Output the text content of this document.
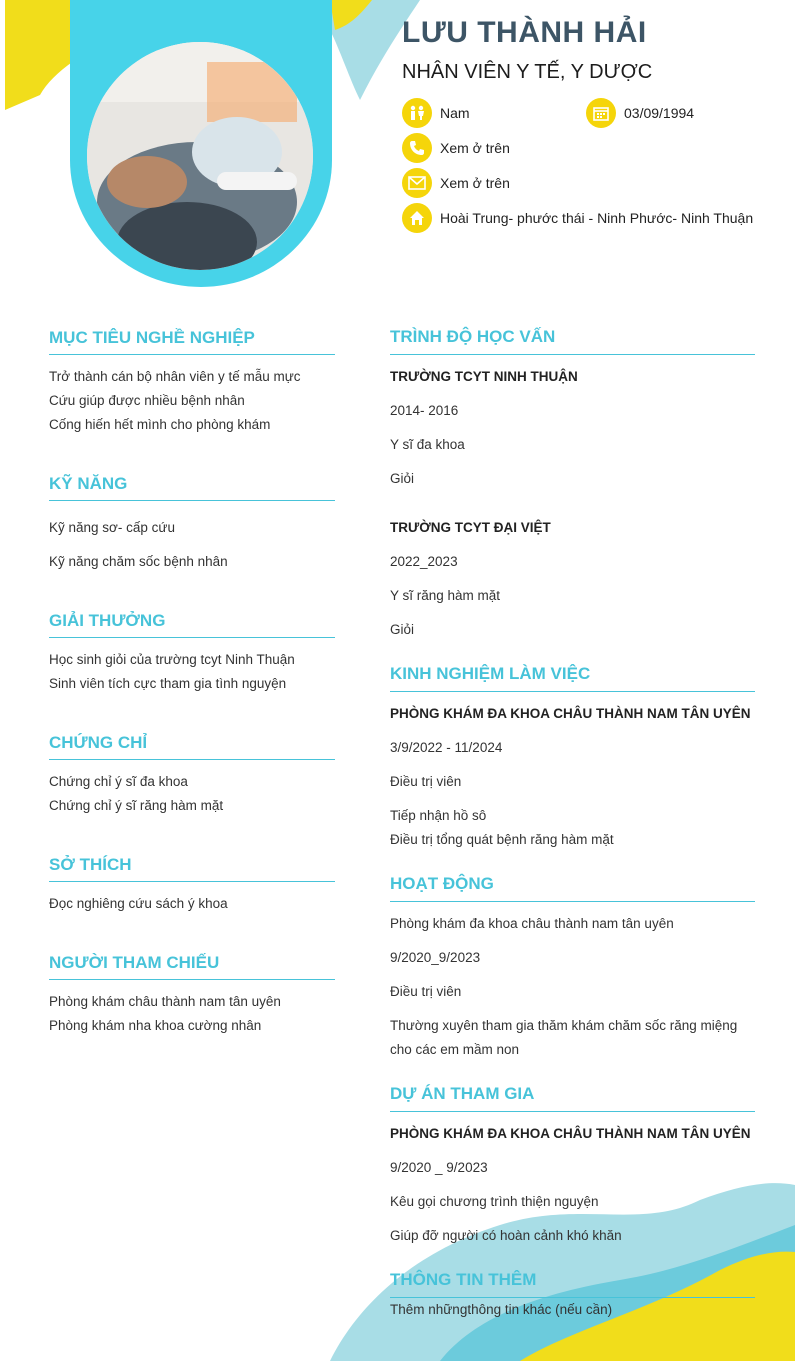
LƯU THÀNH HẢI
NHÂN VIÊN Y TẾ, Y DƯỢC
Nam	03/09/1994
Xem ở trên
Xem ở trên
Hoài Trung- phước thái - Ninh Phước- Ninh Thuận
MỤC TIÊU NGHỀ NGHIỆP
Trở thành cán bộ nhân viên y tế mẫu mực
Cứu giúp được nhiều bệnh nhân
Cống hiến hết mình cho phòng khám
KỸ NĂNG
Kỹ năng sơ- cấp cứu
Kỹ năng chăm sốc bệnh nhân
GIẢI THƯỞNG
Học sinh giỏi của trường tcyt Ninh Thuận
Sinh viên tích cực tham gia tình nguyện
CHỨNG CHỈ
Chứng chỉ ý sĩ đa khoa
Chứng chỉ ý sĩ răng hàm mặt
SỞ THÍCH
Đọc nghiêng cứu sách ý khoa
NGƯỜI THAM CHIẾU
Phòng khám châu thành nam tân uyên
Phòng khám nha khoa cường nhân
TRÌNH ĐỘ HỌC VẤN
TRƯỜNG TCYT NINH THUẬN
2014- 2016
Y sĩ đa khoa
Giỏi
TRƯỜNG TCYT ĐẠI VIỆT
2022_2023
Y sĩ răng hàm mặt
Giỏi
KINH NGHIỆM LÀM VIỆC
PHÒNG KHÁM ĐA KHOA CHÂU THÀNH NAM TÂN UYÊN
3/9/2022 - 11/2024
Điều trị viên
Tiếp nhận hồ sô
Điều trị tổng quát bệnh răng hàm mặt
HOẠT ĐỘNG
Phòng khám đa khoa châu thành nam tân uyên
9/2020_9/2023
Điều trị viên
Thường xuyên tham gia thăm khám chăm sốc răng miệng
cho các em mầm non
DỰ ÁN THAM GIA
PHÒNG KHÁM ĐA KHOA CHÂU THÀNH NAM TÂN UYÊN
9/2020 _ 9/2023
Kêu gọi chương trình thiện nguyện
Giúp đỡ người có hoàn cảnh khó khăn
THÔNG TIN THÊM
Thêm nhữngthông tin khác (nếu cần)
